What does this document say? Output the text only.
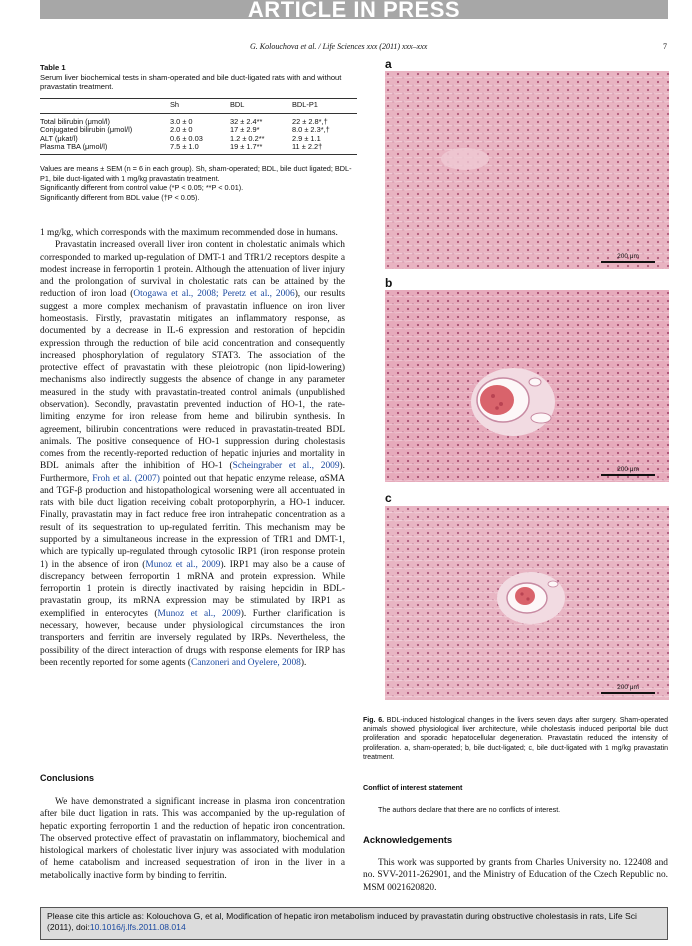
ARTICLE IN PRESS
G. Kolouchova et al. / Life Sciences xxx (2011) xxx–xxx	7
Table 1
Serum liver biochemical tests in sham-operated and bile duct-ligated rats with and without pravastatin treatment.
	Sh	BDL	BDL-P1
Total bilirubin (μmol/l)	3.0 ± 0	32 ± 2.4**	22 ± 2.8*,†
Conjugated bilirubin (μmol/l)	2.0 ± 0	17 ± 2.9*	8.0 ± 2.3*,†
ALT (μkat/l)	0.6 ± 0.03	1.2 ± 0.2**	2.9 ± 1.1
Plasma TBA (μmol/l)	7.5 ± 1.0	19 ± 1.7**	11 ± 2.2†
Values are means ± SEM (n = 6 in each group). Sh, sham-operated; BDL, bile duct ligated; BDL-P1, bile duct-ligated with 1 mg/kg pravastatin treatment.
Significantly different from control value (*P < 0.05; **P < 0.01).
Significantly different from BDL value (†P < 0.05).

1 mg/kg, which corresponds with the maximum recommended dose in humans.

Pravastatin increased overall liver iron content in cholestatic animals which corresponded to marked up-regulation of DMT-1 and TfR1/2 receptors despite a modest increase in ferroportin 1 protein. Although the attenuation of liver injury and the prolongation of survival in cholestatic rats can be attained by the reduction of iron load (Otogawa et al., 2008; Peretz et al., 2006), our results suggest a more complex mechanism of pravastatin influence on iron liver homeostasis. Firstly, pravastatin mitigates an inflammatory response, as documented by a decrease in IL-6 expression and restoration of hepcidin expression through the reduction of bile acid concentration and consequently increased phosphorylation of regulatory STAT3. The association of the protective effect of pravastatin with these pleiotropic (non lipid-lowering) mechanisms also indirectly suggests the absence of change in any parameter measured in the study with pravastatin-treated control animals (unpublished observation). Secondly, pravastatin prevented induction of HO-1, the rate-limiting enzyme for iron release from heme and bilirubin synthesis. In agreement, bilirubin concentrations were reduced in pravastatin-treated BDL animals. The positive consequence of HO-1 suppression during cholestasis comes from the recently-reported reduction of hepatic injuries and mortality in BDL animals after the inhibition of HO-1 (Scheingraber et al., 2009). Furthermore, Froh et al. (2007) pointed out that hepatic enzyme release, αSMA and TGF-β production and histopathological worsening were all accentuated in rats with bile duct ligation receiving cobalt protoporphyrin, a HO-1 inducer. Finally, pravastatin may in fact reduce free iron intrahepatic concentration as a result of its sequestration to up-regulated ferritin. This mechanism may be supported by a simultaneous increase in the expression of TfR1 and DMT-1, which are typically up-regulated through cytosolic IRP1 (iron response protein 1) in the absence of iron (Munoz et al., 2009). IRP1 may also be a cause of discrepancy between ferroportin 1 mRNA and protein expression. While ferroportin 1 protein is directly inactivated by raising hepcidin in BDL-pravastatin group, its mRNA expression may be stimulated by IRP1 as exemplified in enterocytes (Munoz et al., 2009). Further clarification is necessary, however, because under physiological circumstances the iron transporters and ferritin are inversely regulated by IRPs. Nevertheless, the possibility of the direct interaction of drugs with response elements for IRP has been recently reported for some agents (Canzoneri and Oyelere, 2008).

Conclusions

We have demonstrated a significant increase in plasma iron concentration after bile duct ligation in rats. This was accompanied by the up-regulation of hepatic exporting ferroportin 1 and the reduction of hepatic iron concentration. The observed protective effect of pravastatin on inflammatory, biochemical and histological markers of cholestatic liver injury was associated with modulation of heme catabolism and increased sequestration of iron in the liver in a metabolically inactive form by binding to ferritin.

a
200 μm
b
200 μm
c
200 μm
Fig. 6. BDL-induced histological changes in the livers seven days after surgery. Sham-operated animals showed physiological liver architecture, while cholestasis induced periportal bile duct proliferation and sporadic hepatocellular degeneration. Pravastatin reduced the intensity of proliferation. a, sham-operated; b, bile duct-ligated; c, bile duct-ligated with 1 mg/kg pravastatin treatment.
Conflict of interest statement
The authors declare that there are no conflicts of interest.
Acknowledgements

This work was supported by grants from Charles University no. 122408 and no. SVV-2011-262901, and the Ministry of Education of the Czech Republic no. MSM 0021620820.

Please cite this article as: Kolouchova G, et al, Modification of hepatic iron metabolism induced by pravastatin during obstructive cholestasis in rats, Life Sci (2011), doi:10.1016/j.lfs.2011.08.014
